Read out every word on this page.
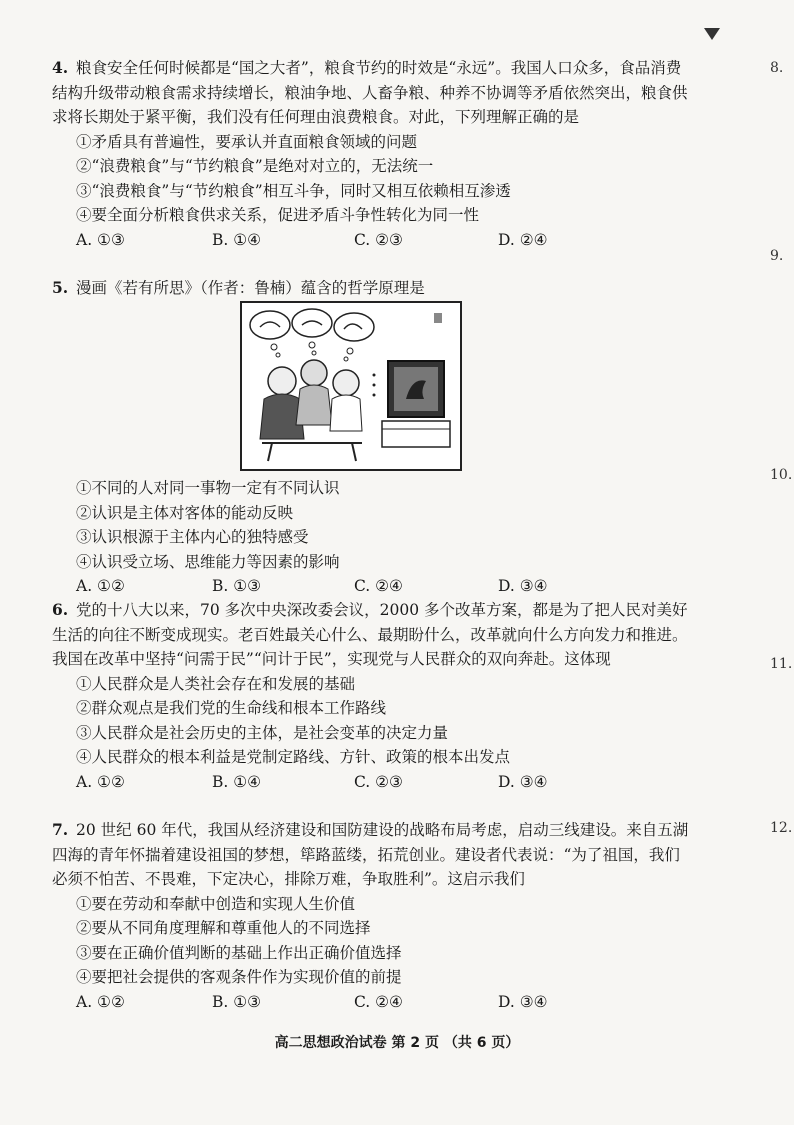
8.
9.
10.
11.
12.

4. 粮食安全任何时候都是“国之大者”，粮食节约的时效是“永远”。我国人口众多，食品消费结构升级带动粮食需求持续增长，粮油争地、人畜争粮、种养不协调等矛盾依然突出，粮食供求将长期处于紧平衡，我们没有任何理由浪费粮食。对此，下列理解正确的是

①矛盾具有普遍性，要承认并直面粮食领域的问题

②“浪费粮食”与“节约粮食”是绝对对立的，无法统一

③“浪费粮食”与“节约粮食”相互斗争，同时又相互依赖相互渗透

④要全面分析粮食供求关系，促进矛盾斗争性转化为同一性

A. ①③	B. ①④	C. ②③	D. ②④

5. 漫画《若有所思》（作者：鲁楠）蕴含的哲学原理是

①不同的人对同一事物一定有不同认识

②认识是主体对客体的能动反映

③认识根源于主体内心的独特感受

④认识受立场、思维能力等因素的影响

A. ①②	B. ①③	C. ②④	D. ③④

6. 党的十八大以来，70 多次中央深改委会议，2000 多个改革方案，都是为了把人民对美好生活的向往不断变成现实。老百姓最关心什么、最期盼什么，改革就向什么方向发力和推进。我国在改革中坚持“问需于民”“问计于民”，实现党与人民群众的双向奔赴。这体现

①人民群众是人类社会存在和发展的基础

②群众观点是我们党的生命线和根本工作路线

③人民群众是社会历史的主体，是社会变革的决定力量

④人民群众的根本利益是党制定路线、方针、政策的根本出发点

A. ①②	B. ①④	C. ②③	D. ③④

7. 20 世纪 60 年代，我国从经济建设和国防建设的战略布局考虑，启动三线建设。来自五湖四海的青年怀揣着建设祖国的梦想，筚路蓝缕，拓荒创业。建设者代表说：“为了祖国，我们必须不怕苦、不畏难，下定决心，排除万难，争取胜利”。这启示我们

①要在劳动和奉献中创造和实现人生价值

②要从不同角度理解和尊重他人的不同选择

③要在正确价值判断的基础上作出正确价值选择

④要把社会提供的客观条件作为实现价值的前提

A. ①②	B. ①③	C. ②④	D. ③④
高二思想政治试卷 第 2 页 （共 6 页）
